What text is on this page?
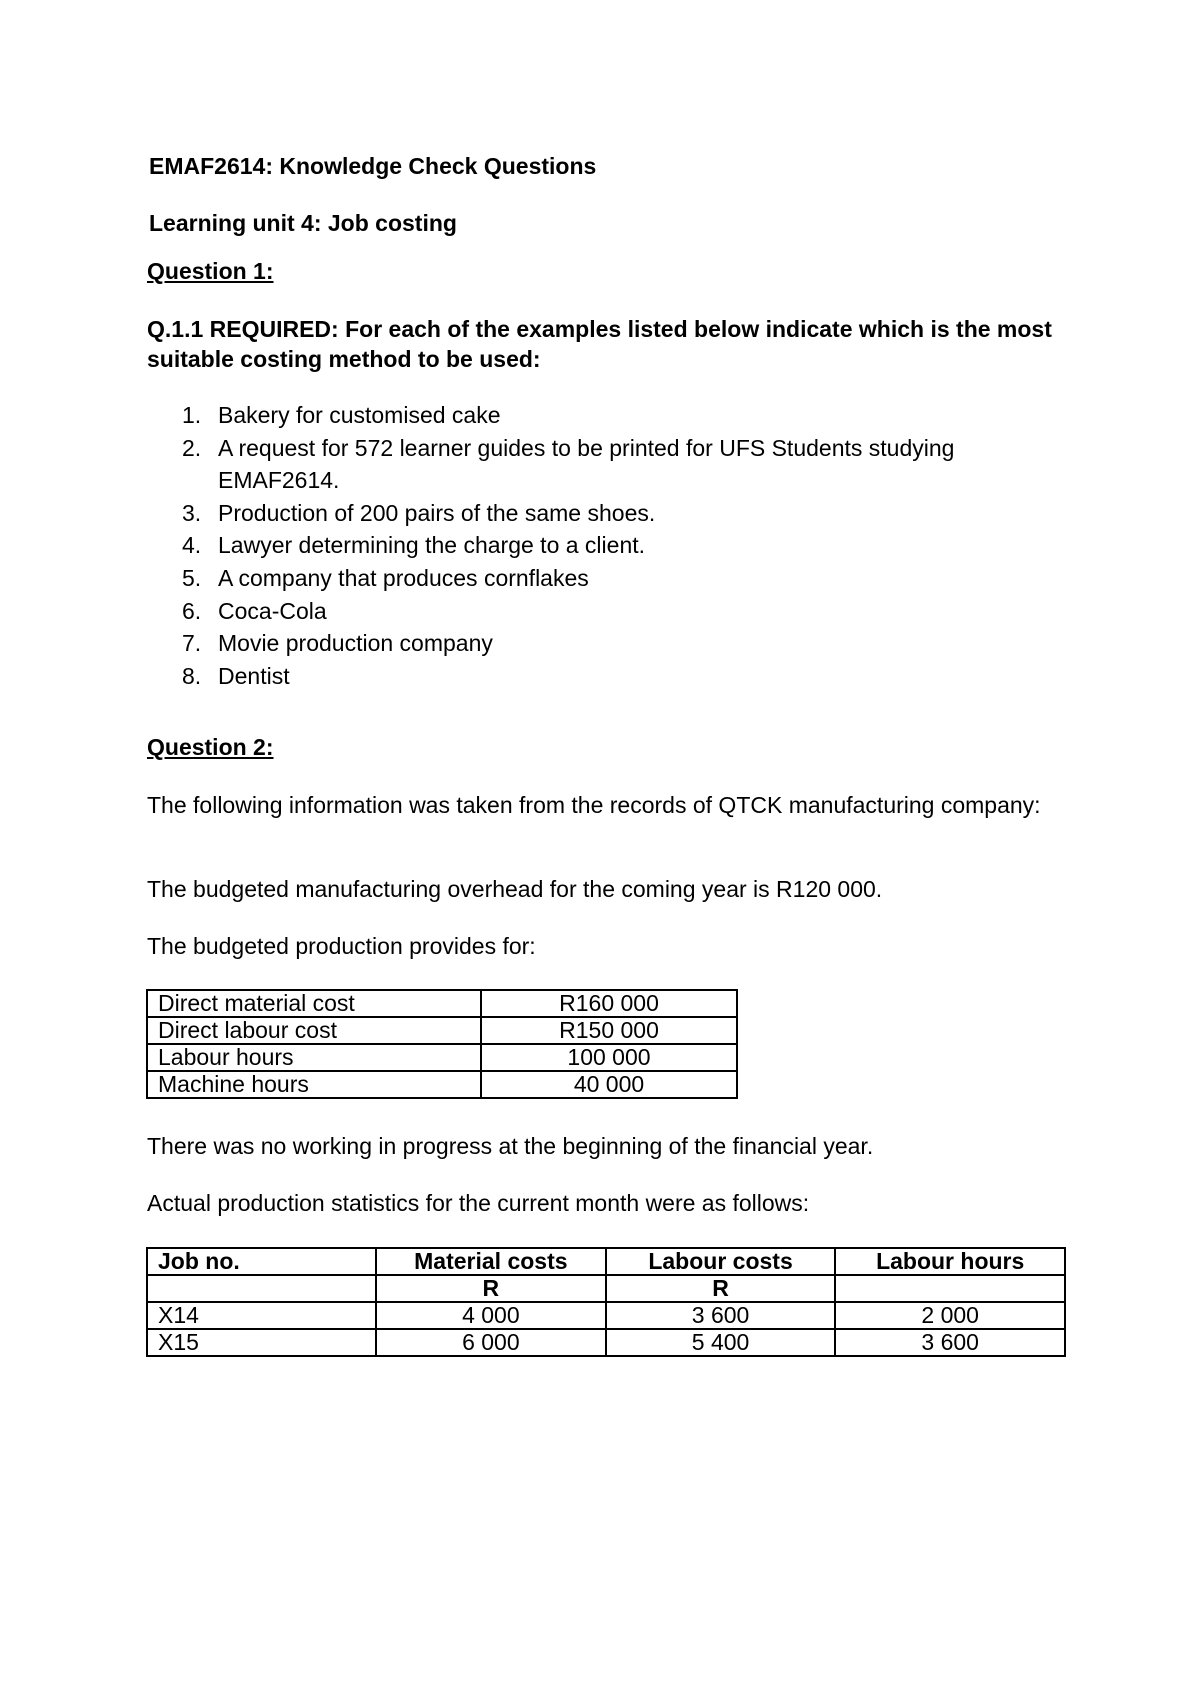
EMAF2614: Knowledge Check Questions
Learning unit 4: Job costing
Question 1:
Q.1.1 REQUIRED: For each of the examples listed below indicate which is the most suitable costing method to be used:
1. Bakery for customised cake
2. A request for 572 learner guides to be printed for UFS Students studying EMAF2614.
3. Production of 200 pairs of the same shoes.
4. Lawyer determining the charge to a client.
5. A company that produces cornflakes
6. Coca-Cola
7. Movie production company
8. Dentist
Question 2:
The following information was taken from the records of QTCK manufacturing company:
The budgeted manufacturing overhead for the coming year is R120 000.
The budgeted production provides for:
Direct material cost	R160 000
Direct labour cost	R150 000
Labour hours	100 000
Machine hours	40 000
There was no working in progress at the beginning of the financial year.
Actual production statistics for the current month were as follows:
Job no.	Material costs	Labour costs	Labour hours
	R	R	
X14	4 000	3 600	2 000
X15	6 000	5 400	3 600
